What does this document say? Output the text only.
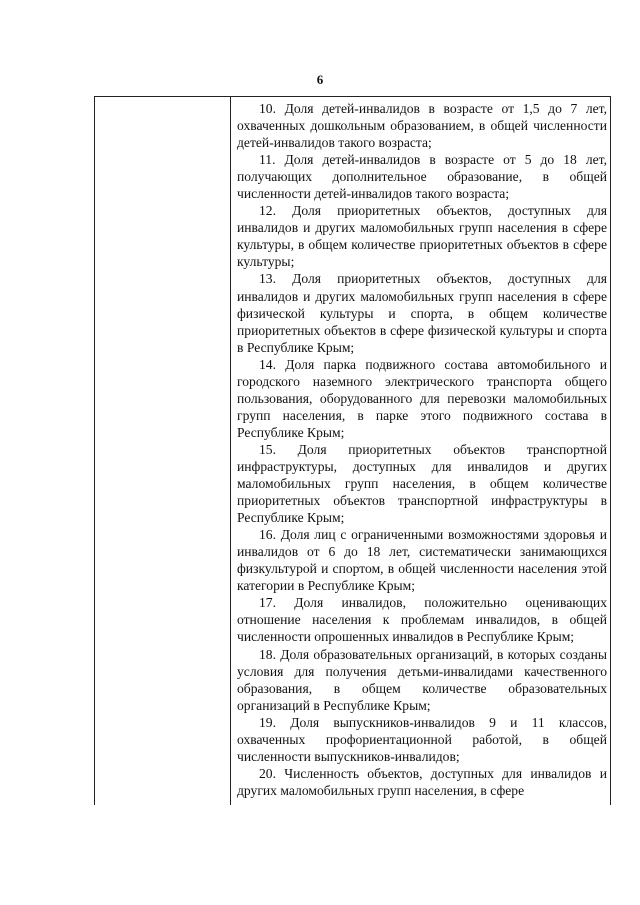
6

10. Доля детей-инвалидов в возрасте от 1,5 до 7 лет, охваченных дошкольным образованием, в общей численности детей-инвалидов такого возраста;

11. Доля детей-инвалидов в возрасте от 5 до 18 лет, получающих дополнительное образование, в общей численности детей-инвалидов такого возраста;

12. Доля приоритетных объектов, доступных для инвалидов и других маломобильных групп населения в сфере культуры, в общем количестве приоритетных объектов в сфере культуры;

13. Доля приоритетных объектов, доступных для инвалидов и других маломобильных групп населения в сфере физической культуры и спорта, в общем количестве приоритетных объектов в сфере физической культуры и спорта в Республике Крым;

14. Доля парка подвижного состава автомобильного и городского наземного электрического транспорта общего пользования, оборудованного для перевозки маломобильных групп населения, в парке этого подвижного состава в Республике Крым;

15. Доля приоритетных объектов транспортной инфраструктуры, доступных для инвалидов и других маломобильных групп населения, в общем количестве приоритетных объектов транспортной инфраструктуры в Республике Крым;

16. Доля лиц с ограниченными возможностями здоровья и инвалидов от 6 до 18 лет, систематически занимающихся физкультурой и спортом, в общей численности населения этой категории в Республике Крым;

17. Доля инвалидов, положительно оценивающих отношение населения к проблемам инвалидов, в общей численности опрошенных инвалидов в Республике Крым;

18. Доля образовательных организаций, в которых созданы условия для получения детьми-инвалидами качественного образования, в общем количестве образовательных организаций в Республике Крым;

19. Доля выпускников-инвалидов 9 и 11 классов, охваченных профориентационной работой, в общей численности выпускников-инвалидов;

20. Численность объектов, доступных для инвалидов и других маломобильных групп населения, в сфере
